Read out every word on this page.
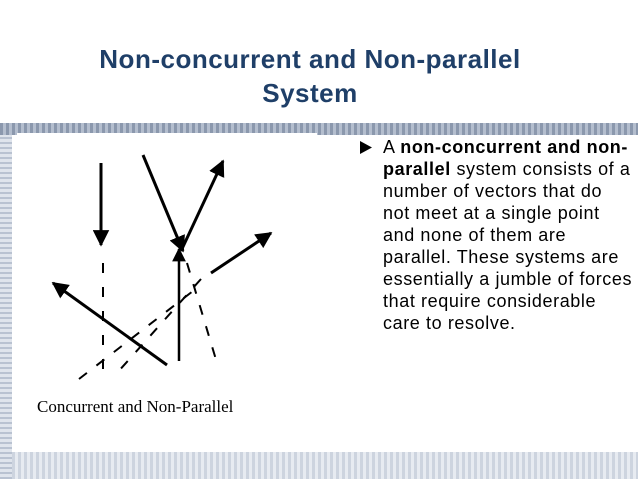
Non-concurrent and Non-parallel
System
Concurrent and Non-Parallel
A non-concurrent and non-parallel system consists of a number of vectors that do not meet at a single point and none of them are parallel. These systems are essentially a jumble of forces that require considerable care to resolve.
